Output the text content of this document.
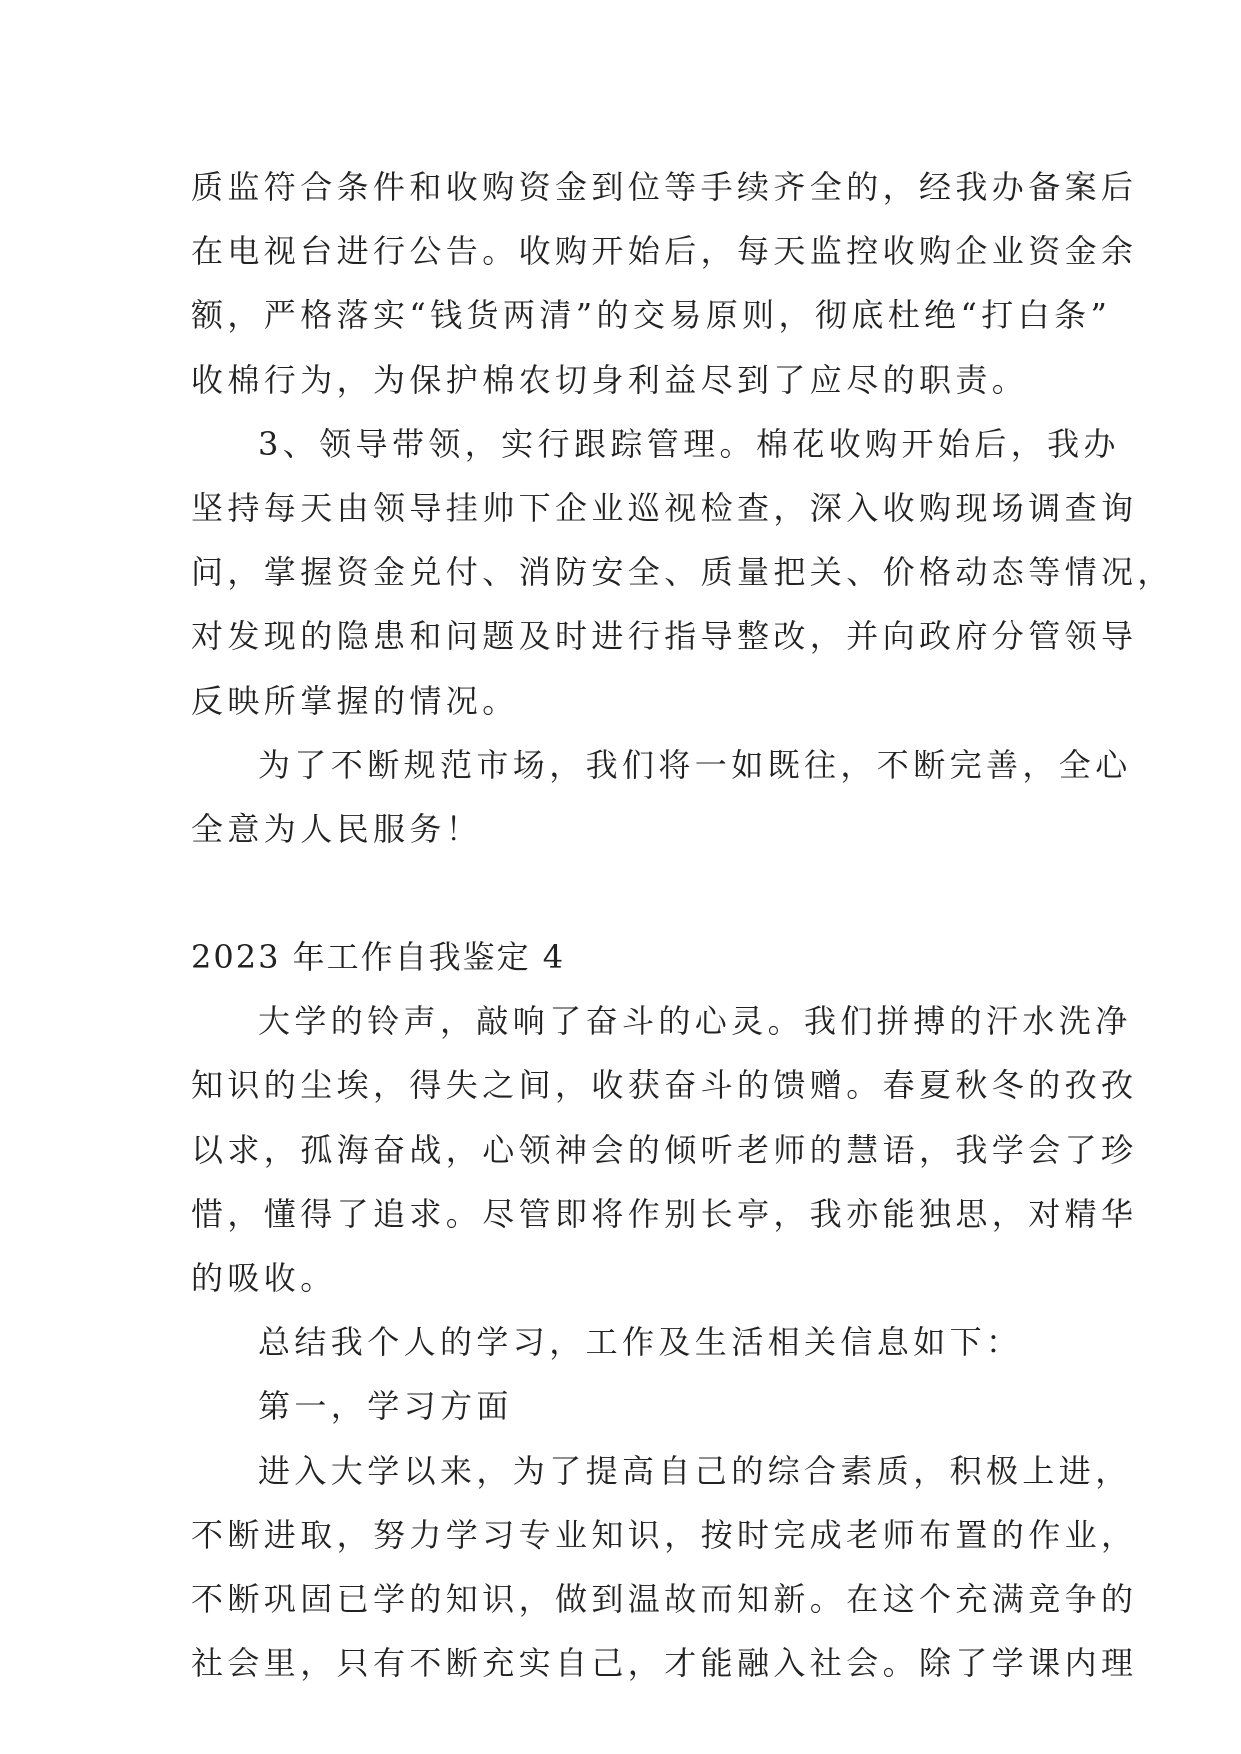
质监符合条件和收购资金到位等手续齐全的，经我办备案后
在电视台进行公告。收购开始后，每天监控收购企业资金余
额，严格落实“钱货两清”的交易原则，彻底杜绝“打白条”
收棉行为，为保护棉农切身利益尽到了应尽的职责。
3、领导带领，实行跟踪管理。棉花收购开始后，我办
坚持每天由领导挂帅下企业巡视检查，深入收购现场调查询
问，掌握资金兑付、消防安全、质量把关、价格动态等情况，
对发现的隐患和问题及时进行指导整改，并向政府分管领导
反映所掌握的情况。
为了不断规范市场，我们将一如既往，不断完善，全心
全意为人民服务！
2023 年工作自我鉴定 4
大学的铃声，敲响了奋斗的心灵。我们拼搏的汗水洗净
知识的尘埃，得失之间，收获奋斗的馈赠。春夏秋冬的孜孜
以求，孤海奋战，心领神会的倾听老师的慧语，我学会了珍
惜，懂得了追求。尽管即将作别长亭，我亦能独思，对精华
的吸收。
总结我个人的学习，工作及生活相关信息如下：
第一，学习方面
进入大学以来，为了提高自己的综合素质，积极上进，
不断进取，努力学习专业知识，按时完成老师布置的作业，
不断巩固已学的知识，做到温故而知新。在这个充满竞争的
社会里，只有不断充实自己，才能融入社会。除了学课内理
